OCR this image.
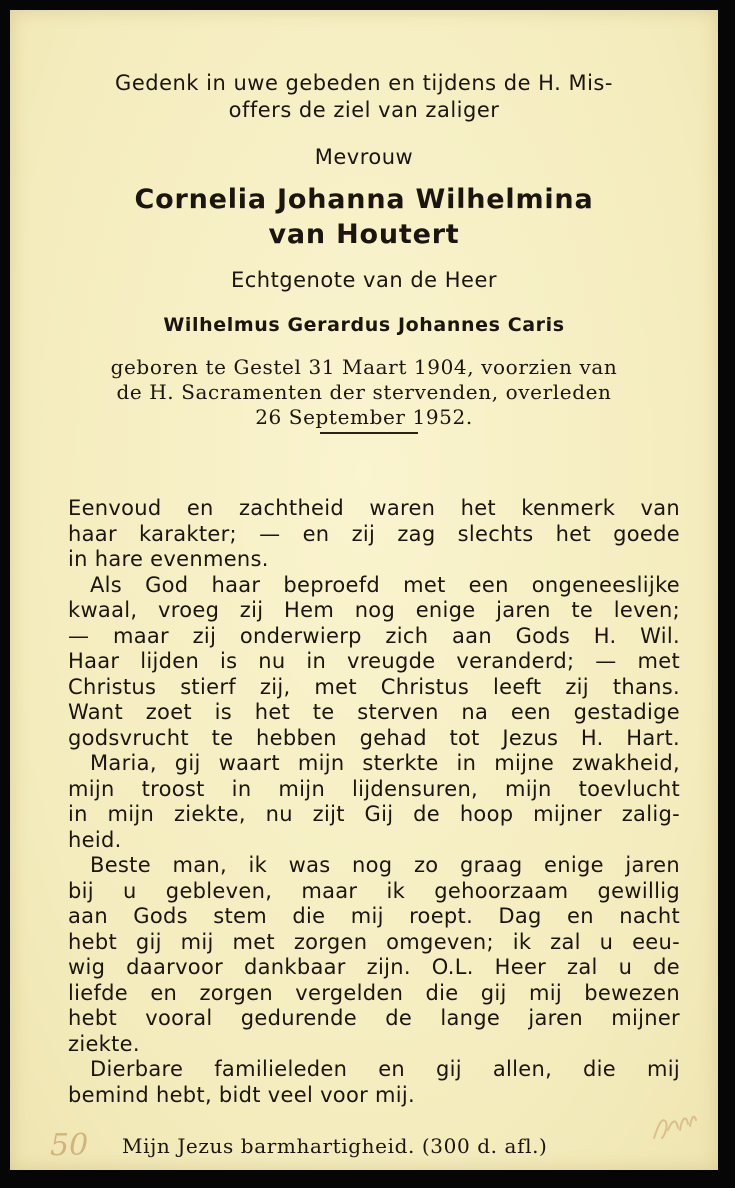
Gedenk in uwe gebeden en tijdens de H. Mis-
offers de ziel van zaliger
Mevrouw
Cornelia Johanna Wilhelmina
van Houtert
Echtgenote van de Heer
Wilhelmus Gerardus Johannes Caris
geboren te Gestel 31 Maart 1904, voorzien van
de H. Sacramenten der stervenden, overleden
26 September 1952.
Eenvoud en zachtheid waren het kenmerk van
haar karakter; — en zij zag slechts het goede
in hare evenmens.
Als God haar beproefd met een ongeneeslijke
kwaal, vroeg zij Hem nog enige jaren te leven;
— maar zij onderwierp zich aan Gods H. Wil.
Haar lijden is nu in vreugde veranderd; — met
Christus stierf zij, met Christus leeft zij thans.
Want zoet is het te sterven na een gestadige
godsvrucht te hebben gehad tot Jezus H. Hart.
Maria, gij waart mijn sterkte in mijne zwakheid,
mijn troost in mijn lijdensuren, mijn toevlucht
in mijn ziekte, nu zijt Gij de hoop mijner zalig-
heid.
Beste man, ik was nog zo graag enige jaren
bij u gebleven, maar ik gehoorzaam gewillig
aan Gods stem die mij roept. Dag en nacht
hebt gij mij met zorgen omgeven; ik zal u eeu-
wig daarvoor dankbaar zijn. O.L. Heer zal u de
liefde en zorgen vergelden die gij mij bewezen
hebt vooral gedurende de lange jaren mijner
ziekte.
Dierbare familieleden en gij allen, die mij
bemind hebt, bidt veel voor mij.
50 Mijn Jezus barmhartigheid. (300 d. afl.)
